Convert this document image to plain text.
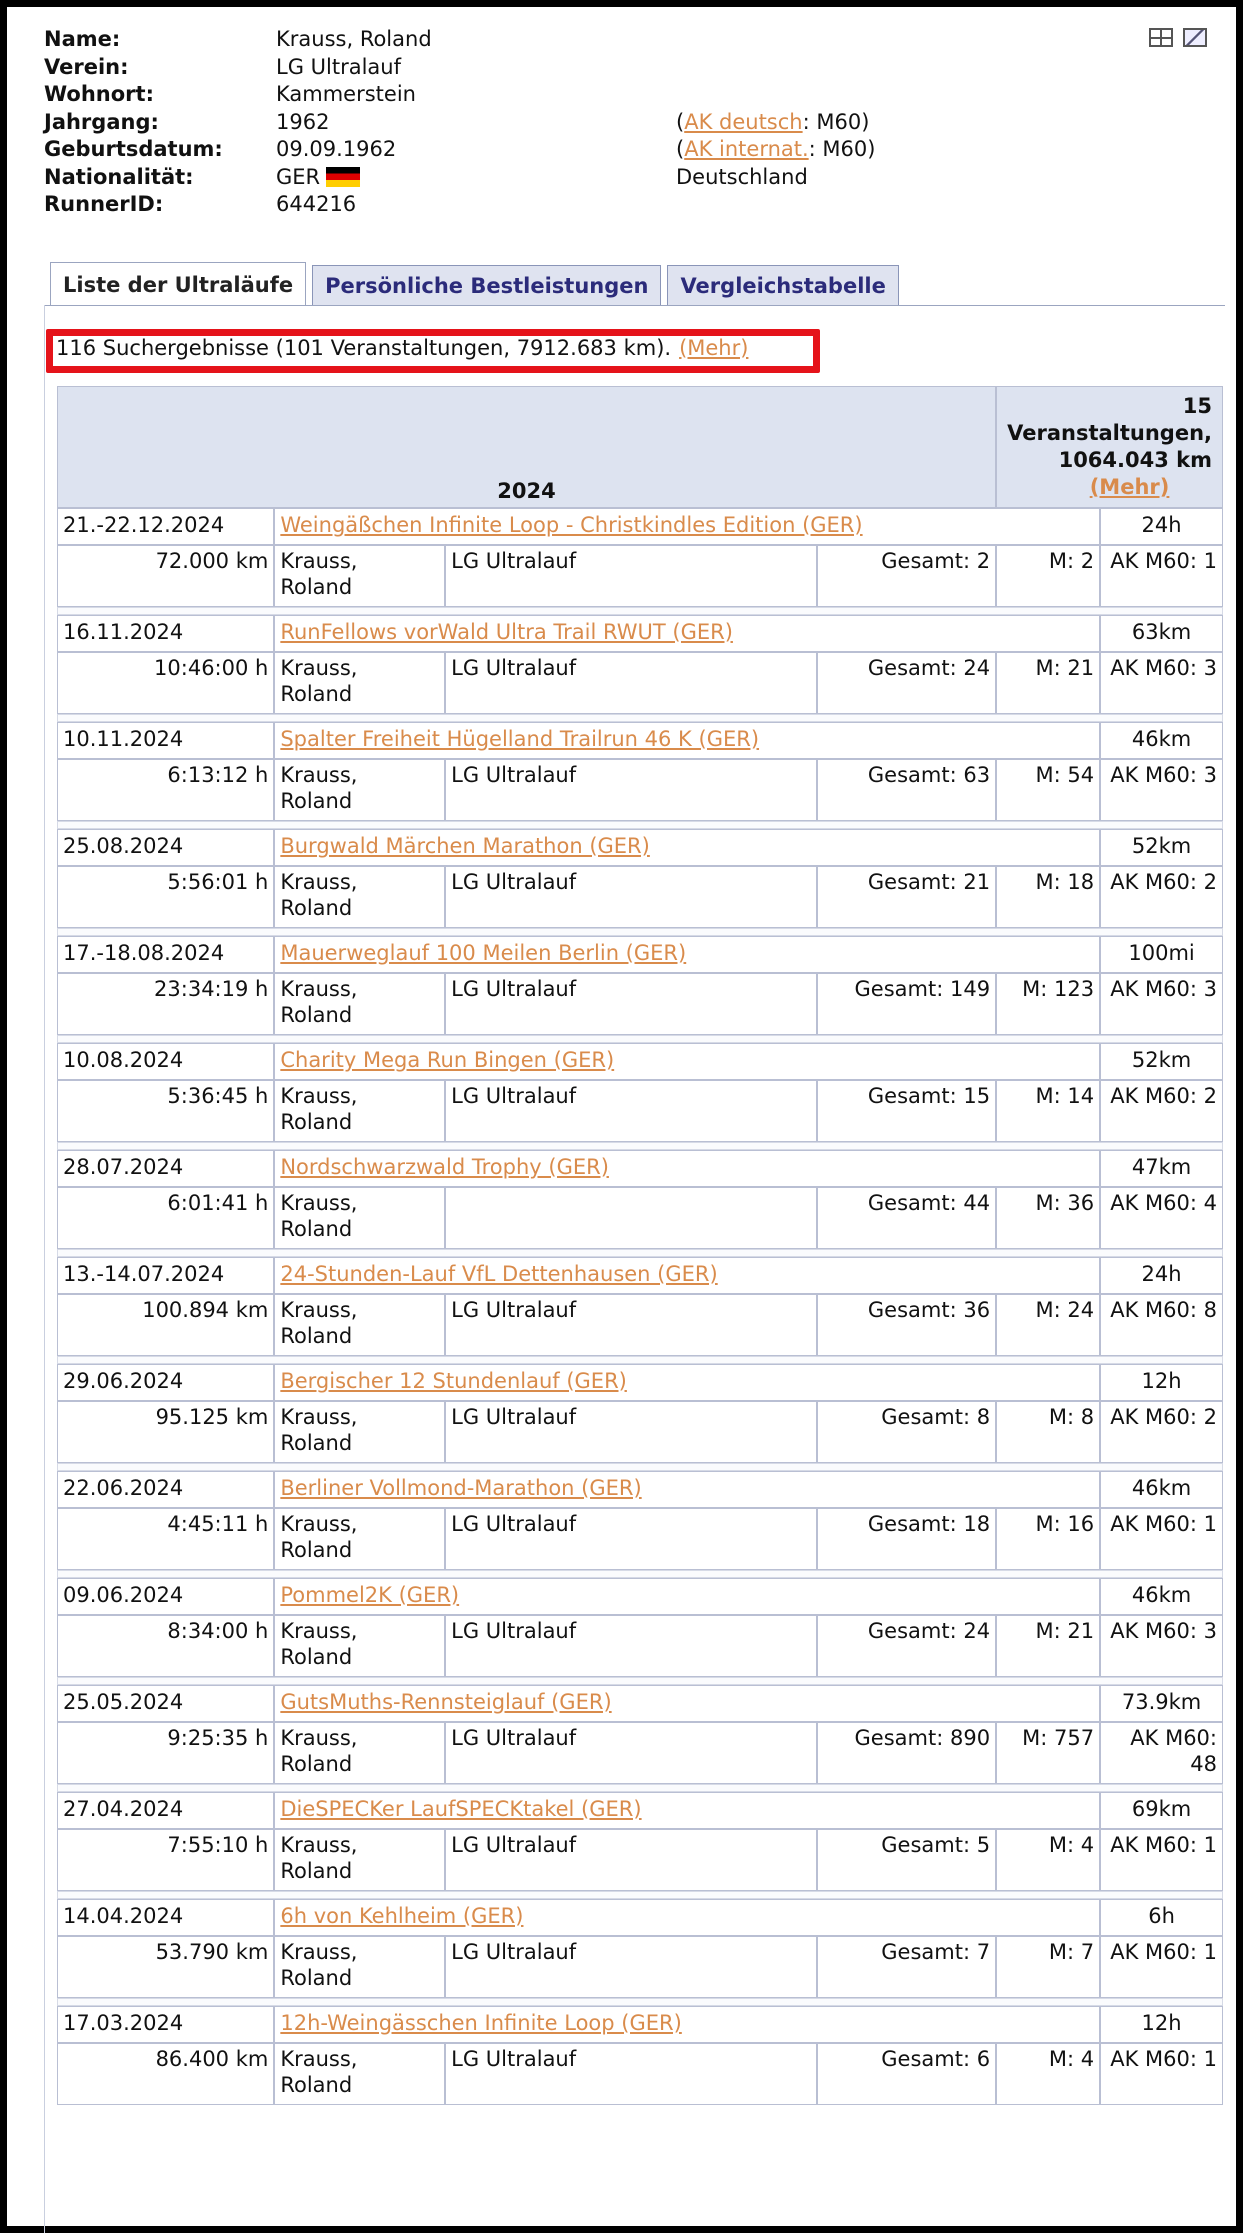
Name:	Krauss, Roland
Verein:	LG Ultralauf
Wohnort:	Kammerstein
Jahrgang:	1962	(AK deutsch: M60)
Geburtsdatum:	09.09.1962	(AK internat.: M60)
Nationalität:	GER	Deutschland
RunnerID:	644216
Liste der Ultraläufe	Persönliche Bestleistungen	Vergleichstabelle
116 Suchergebnisse (101 Veranstaltungen, 7912.683 km). (Mehr)
2024				15 Veranstaltungen, 1064.043 km
(Mehr)	

21.-22.12.2024	Weingäßchen Infinite Loop - Christkindles Edition (GER)				24h
72.000 km	Krauss,
Roland	LG Ultralauf	Gesamt: 2	M: 2	AK M60: 1

16.11.2024	RunFellows vorWald Ultra Trail RWUT (GER)				63km
10:46:00 h	Krauss,
Roland	LG Ultralauf	Gesamt: 24	M: 21	AK M60: 3

10.11.2024	Spalter Freiheit Hügelland Trailrun 46 K (GER)				46km
6:13:12 h	Krauss,
Roland	LG Ultralauf	Gesamt: 63	M: 54	AK M60: 3

25.08.2024	Burgwald Märchen Marathon (GER)				52km
5:56:01 h	Krauss,
Roland	LG Ultralauf	Gesamt: 21	M: 18	AK M60: 2

17.-18.08.2024	Mauerweglauf 100 Meilen Berlin (GER)				100mi
23:34:19 h	Krauss,
Roland	LG Ultralauf	Gesamt: 149	M: 123	AK M60: 3

10.08.2024	Charity Mega Run Bingen (GER)				52km
5:36:45 h	Krauss,
Roland	LG Ultralauf	Gesamt: 15	M: 14	AK M60: 2

28.07.2024	Nordschwarzwald Trophy (GER)				47km
6:01:41 h	Krauss,
Roland		Gesamt: 44	M: 36	AK M60: 4

13.-14.07.2024	24-Stunden-Lauf VfL Dettenhausen (GER)				24h
100.894 km	Krauss,
Roland	LG Ultralauf	Gesamt: 36	M: 24	AK M60: 8

29.06.2024	Bergischer 12 Stundenlauf (GER)				12h
95.125 km	Krauss,
Roland	LG Ultralauf	Gesamt: 8	M: 8	AK M60: 2

22.06.2024	Berliner Vollmond-Marathon (GER)				46km
4:45:11 h	Krauss,
Roland	LG Ultralauf	Gesamt: 18	M: 16	AK M60: 1

09.06.2024	Pommel2K (GER)				46km
8:34:00 h	Krauss,
Roland	LG Ultralauf	Gesamt: 24	M: 21	AK M60: 3

25.05.2024	GutsMuths-Rennsteiglauf (GER)				73.9km
9:25:35 h	Krauss,
Roland	LG Ultralauf	Gesamt: 890	M: 757	AK M60: 48

27.04.2024	DieSPECKer LaufSPECKtakel (GER)				69km
7:55:10 h	Krauss,
Roland	LG Ultralauf	Gesamt: 5	M: 4	AK M60: 1

14.04.2024	6h von Kehlheim (GER)				6h
53.790 km	Krauss,
Roland	LG Ultralauf	Gesamt: 7	M: 7	AK M60: 1

17.03.2024	12h-Weingässchen Infinite Loop (GER)				12h
86.400 km	Krauss,
Roland	LG Ultralauf	Gesamt: 6	M: 4	AK M60: 1
